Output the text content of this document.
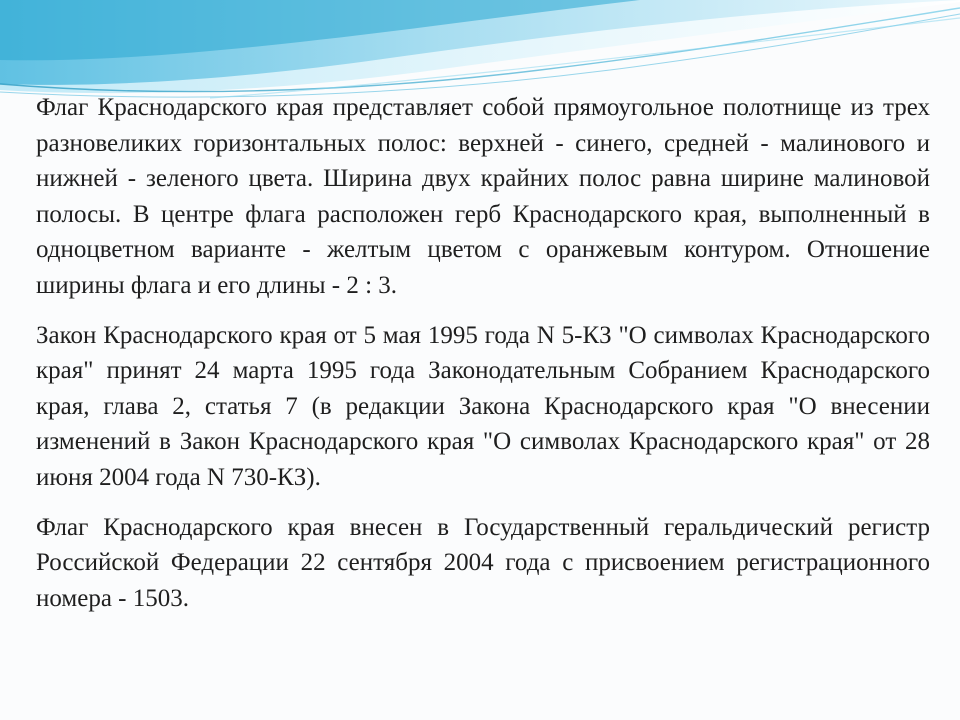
Флаг Краснодарского края представляет собой прямоугольное полотнище из трех разновеликих горизонтальных полос: верхней - синего, средней - малинового и нижней - зеленого цвета. Ширина двух крайних полос равна ширине малиновой полосы. В центре флага расположен герб Краснодарского края, выполненный в одноцветном варианте - желтым цветом с оранжевым контуром. Отношение ширины флага и его длины - 2 : 3.

Закон Краснодарского края от 5 мая 1995 года N 5-КЗ "О символах Краснодарского края" принят 24 марта 1995 года Законодательным Собранием Краснодарского края, глава 2, статья 7 (в редакции Закона Краснодарского края "О внесении изменений в Закон Краснодарского края "О символах Краснодарского края" от 28 июня 2004 года N 730-КЗ).

Флаг Краснодарского края внесен в Государственный геральдический регистр Российской Федерации 22 сентября 2004 года с присвоением регистрационного номера - 1503.
